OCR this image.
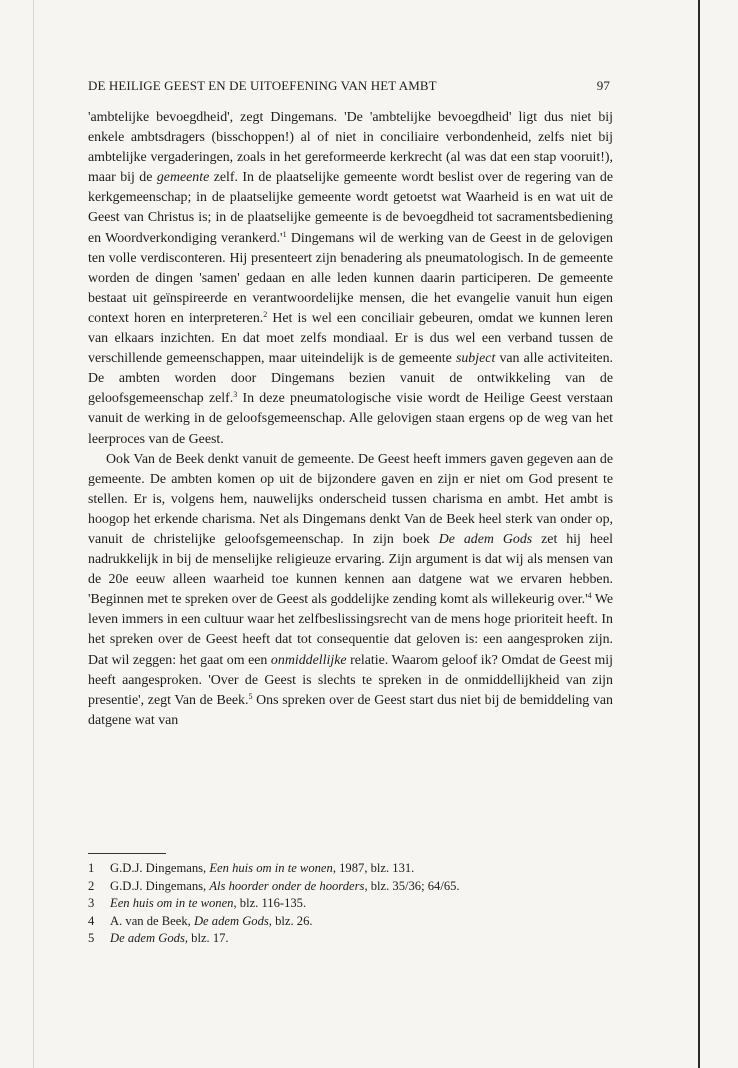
DE HEILIGE GEEST EN DE UITOEFENING VAN HET AMBT	97

'ambtelijke bevoegdheid', zegt Dingemans. 'De 'ambtelijke bevoegdheid' ligt dus niet bij enkele ambtsdragers (bisschoppen!) al of niet in conciliaire verbondenheid, zelfs niet bij ambtelijke vergaderingen, zoals in het gereformeerde kerkrecht (al was dat een stap vooruit!), maar bij de gemeente zelf. In de plaatselijke gemeente wordt beslist over de regering van de kerkgemeenschap; in de plaatselijke gemeente wordt getoetst wat Waarheid is en wat uit de Geest van Christus is; in de plaatselijke gemeente is de bevoegdheid tot sacramentsbediening en Woordverkondiging $verankerd.'^1$ Dingemans wil de werking van de Geest in de gelovigen ten volle verdisconteren. Hij presenteert zijn benadering als pneumatologisch. In de gemeente worden de dingen 'samen' gedaan en alle leden kunnen daarin participeren. De gemeente bestaat uit geïnspireerde en verantwoordelijke mensen, die het evangelie vanuit hun eigen context horen en interpreteren.$^2$ Het is wel een conciliair gebeuren, omdat we kunnen leren van elkaars inzichten. En dat moet zelfs mondiaal. Er is dus wel een verband tussen de verschillende gemeenschappen, maar uiteindelijk is de gemeente subject van alle activiteiten. De ambten worden door Dingemans bezien vanuit de ontwikkeling van de geloofsgemeenschap zelf.$^3$ In deze pneumatologische visie wordt de Heilige Geest verstaan vanuit de werking in de geloofsgemeenschap. Alle gelovigen staan ergens op de weg van het leerproces van de Geest.

Ook Van de Beek denkt vanuit de gemeente. De Geest heeft immers gaven gegeven aan de gemeente. De ambten komen op uit de bijzondere gaven en zijn er niet om God present te stellen. Er is, volgens hem, nauwelijks onderscheid tussen charisma en ambt. Het ambt is hoogop het erkende charisma. Net als Dingemans denkt Van de Beek heel sterk van onder op, vanuit de christelijke geloofsgemeenschap. In zijn boek De adem Gods zet hij heel nadrukkelijk in bij de menselijke religieuze ervaring. Zijn argument is dat wij als mensen van de 20e eeuw alleen waarheid toe kunnen kennen aan datgene wat we ervaren hebben. 'Beginnen met te spreken over de Geest als goddelijke zending komt als willekeurig $over.'^4$ We leven immers in een cultuur waar het zelfbeslissingsrecht van de mens hoge prioriteit heeft. In het spreken over de Geest heeft dat tot consequentie dat geloven is: een aangesproken zijn. Dat wil zeggen: het gaat om een onmiddellijke relatie. Waarom geloof ik? Omdat de Geest mij heeft aangesproken. 'Over de Geest is slechts te spreken in de onmiddellijkheid van zijn presentie', zegt Van de Beek.$^5$ Ons spreken over de Geest start dus niet bij de bemiddeling van datgene wat van

1	G.D.J. Dingemans, Een huis om in te wonen, 1987, blz. 131.
2	G.D.J. Dingemans, Als hoorder onder de hoorders, blz. 35/36; 64/65.
3	Een huis om in te wonen, blz. 116-135.
4	A. van de Beek, De adem Gods, blz. 26.
5	De adem Gods, blz. 17.
